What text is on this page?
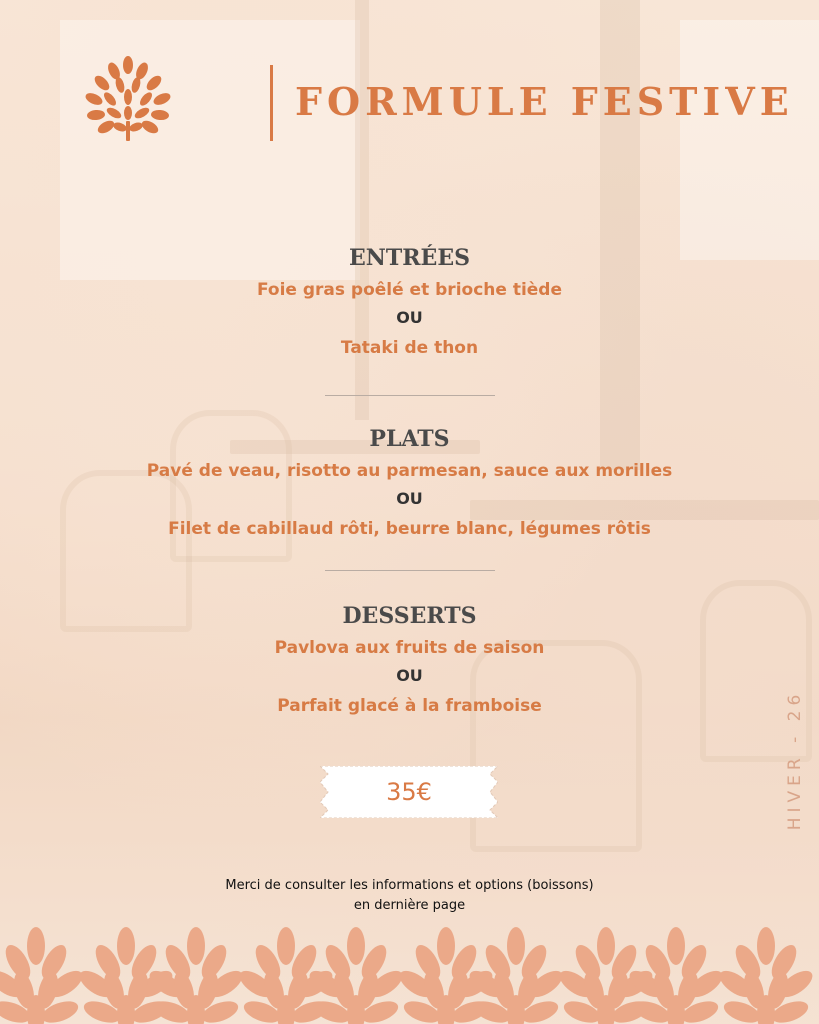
FORMULE FESTIVE
ENTRÉES
Foie gras poêlé et brioche tiède
OU
Tataki de thon
PLATS
Pavé de veau, risotto au parmesan, sauce aux morilles
OU
Filet de cabillaud rôti, beurre blanc, légumes rôtis
DESSERTS
Pavlova aux fruits de saison
OU
Parfait glacé à la framboise
35€	HIVER - 26
Merci de consulter les informations et options (boissons)
en dernière page
